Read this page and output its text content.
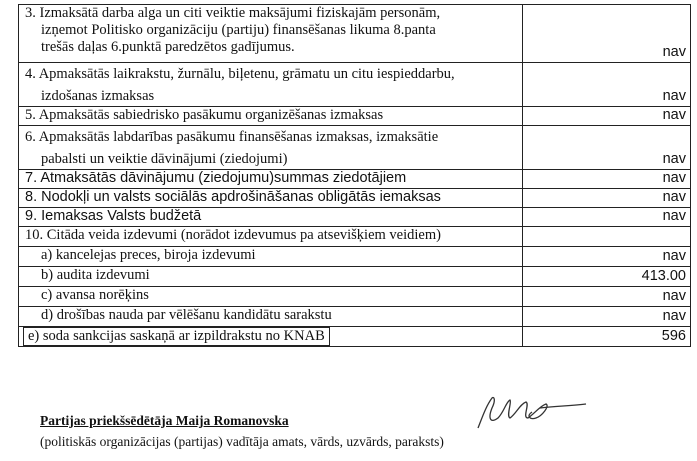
3. Izmaksātā darba alga un citi veiktie maksājumi fiziskajām personām,
izņemot Politisko organizāciju (partiju) finansēšanas likuma 8.panta
trešās daļas 6.punktā paredzētos gadījumus.	nav

4. Apmaksātās laikrakstu, žurnālu, biļetenu, grāmatu un citu iespieddarbu,
izdošanas izmaksas	nav
5. Apmaksātās sabiedrisko pasākumu organizēšanas izmaksas	nav

6. Apmaksātās labdarības pasākumu finansēšanas izmaksas, izmaksātie
pabalsti un veiktie dāvinājumi (ziedojumi)	nav
7. Atmaksātās dāvinājumu (ziedojumu)summas ziedotājiem	nav
8. Nodokļi un valsts sociālās apdrošināšanas obligātās iemaksas	nav
9. Iemaksas Valsts budžetā	nav
10. Citāda veida izdevumi (norādot izdevumus pa atsevišķiem veidiem)	
a) kancelejas preces, biroja izdevumi	nav
b) audita izdevumi	413.00
c) avansa norēķins	nav
d) drošības nauda par vēlēšanu kandidātu sarakstu	nav
e) soda sankcijas saskaņā ar izpildrakstu no KNAB	596
Partijas priekšsēdētāja Maija Romanovska
(politiskās organizācijas (partijas) vadītāja amats, vārds, uzvārds, paraksts)
